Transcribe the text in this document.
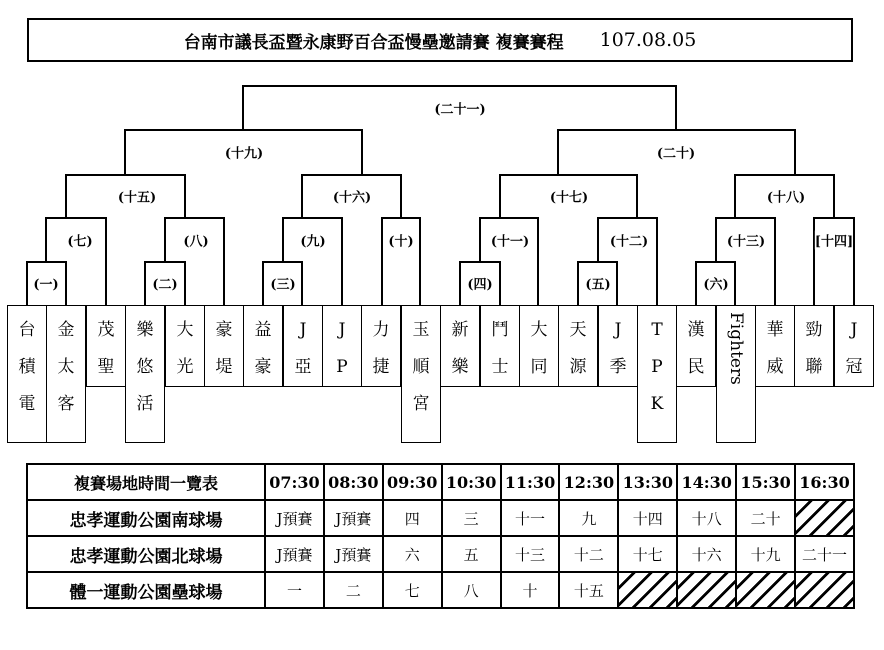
台南市議長盃暨永康野百合盃慢壘邀請賽 複賽賽程 107.08.05
(一)	(二)	(三)	(四)	(五)	(六)
(七)	(八)	(九)	(十)	(十一)	(十二)	(十三)	[十四]
(十五)	(十六)	(十七)	(十八)
(十九)	(二十)
(二十一)
台
積
電
金
太
客
茂
聖
樂
悠
活
大
光
豪
堤
益
豪
J
亞
J
P
力
捷
玉
順
宮
新
樂
鬥
士
大
同
天
源
J
季
T
P
K
漢
民	Fighters	華
威
勁
聯
J
冠
複賽場地時間一覽表	07:30	08:30	09:30	10:30	11:30	12:30	13:30	14:30	15:30	16:30
忠孝運動公園南球場	J預賽	J預賽	四	三	十一	九	十四	十八	二十	
忠孝運動公園北球場	J預賽	J預賽	六	五	十三	十二	十七	十六	十九	二十一
體一運動公園壘球場	一	二	七	八	十	十五				
